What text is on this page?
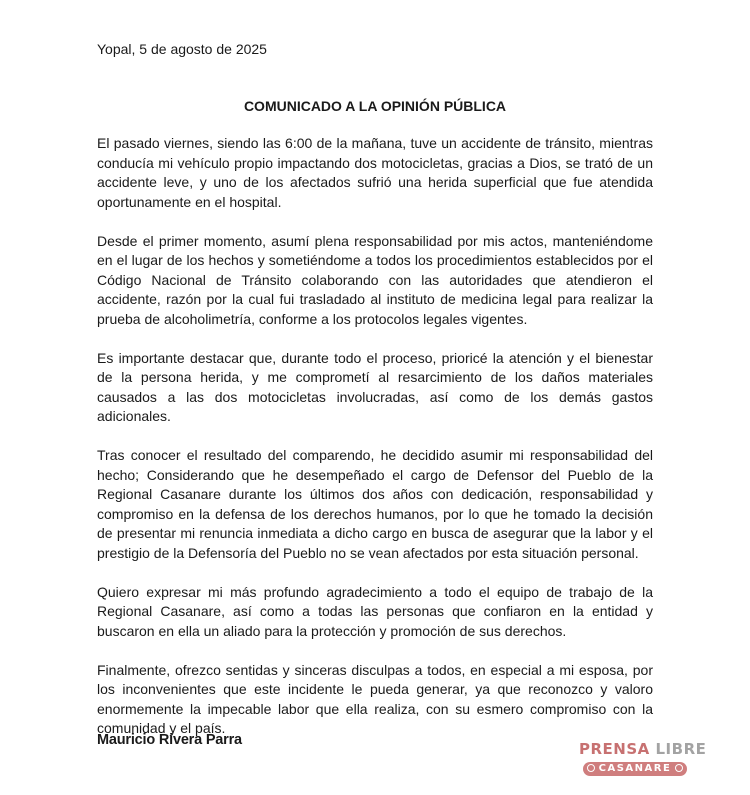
Yopal, 5 de agosto de 2025
COMUNICADO A LA OPINIÓN PÚBLICA

El pasado viernes, siendo las 6:00 de la mañana, tuve un accidente de tránsito, mientras conducía mi vehículo propio impactando dos motocicletas, gracias a Dios, se trató de un accidente leve, y uno de los afectados sufrió una herida superficial que fue atendida oportunamente en el hospital.

Desde el primer momento, asumí plena responsabilidad por mis actos, manteniéndome en el lugar de los hechos y sometiéndome a todos los procedimientos establecidos por el Código Nacional de Tránsito colaborando con las autoridades que atendieron el accidente, razón por la cual fui trasladado al instituto de medicina legal para realizar la prueba de alcoholimetría, conforme a los protocolos legales vigentes.

Es importante destacar que, durante todo el proceso, prioricé la atención y el bienestar de la persona herida, y me comprometí al resarcimiento de los daños materiales causados a las dos motocicletas involucradas, así como de los demás gastos adicionales.

Tras conocer el resultado del comparendo, he decidido asumir mi responsabilidad del hecho; Considerando que he desempeñado el cargo de Defensor del Pueblo de la Regional Casanare durante los últimos dos años con dedicación, responsabilidad y compromiso en la defensa de los derechos humanos, por lo que he tomado la decisión de presentar mi renuncia inmediata a dicho cargo en busca de asegurar que la labor y el prestigio de la Defensoría del Pueblo no se vean afectados por esta situación personal.

Quiero expresar mi más profundo agradecimiento a todo el equipo de trabajo de la Regional Casanare, así como a todas las personas que confiaron en la entidad y buscaron en ella un aliado para la protección y promoción de sus derechos.

Finalmente, ofrezco sentidas y sinceras disculpas a todos, en especial a mi esposa, por los inconvenientes que este incidente le pueda generar, ya que reconozco y valoro enormemente la impecable labor que ella realiza, con su esmero compromiso con la comunidad y el país.

Mauricio Rivera Parra	PRENSA LIBRE
CASANARE
